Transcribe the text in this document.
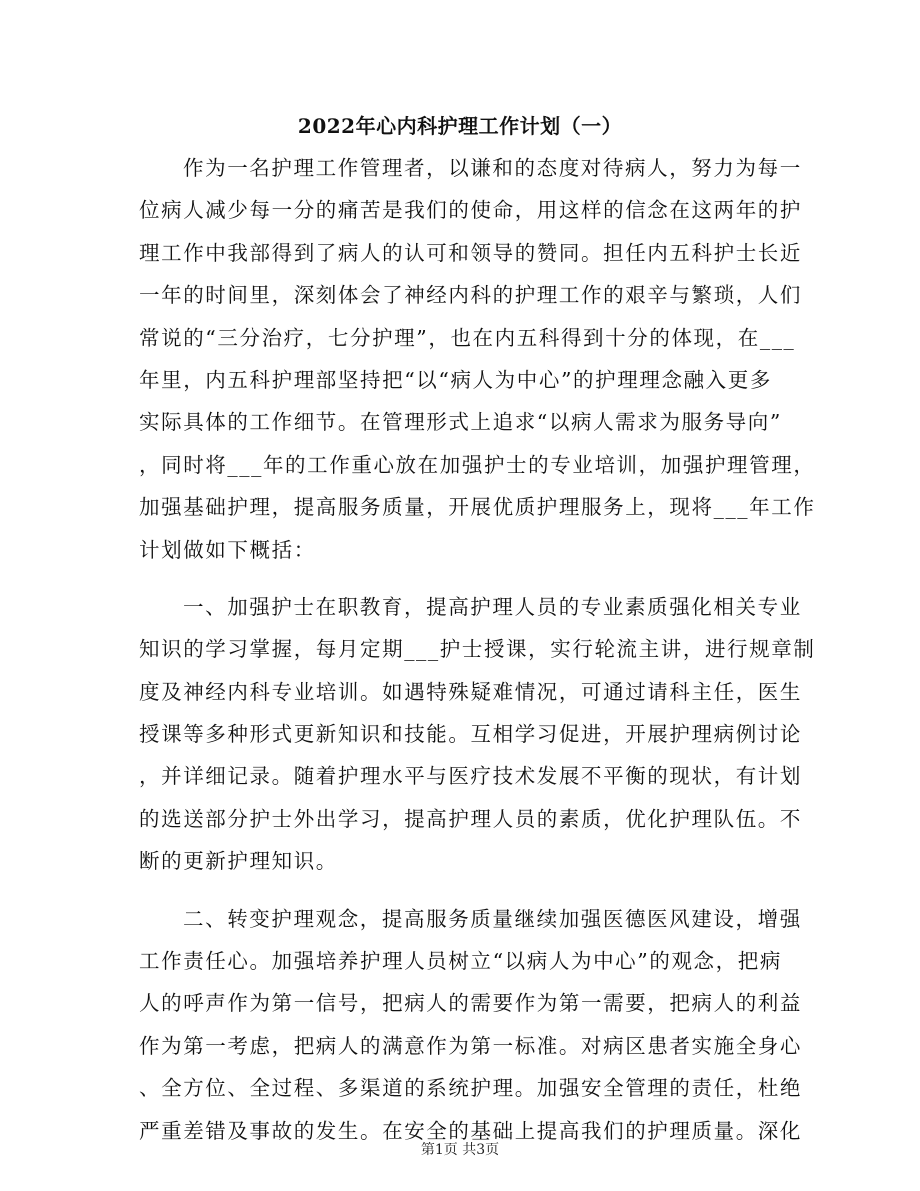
2022年心内科护理工作计划（一）
作为一名护理工作管理者，以谦和的态度对待病人，努力为每一
位病人减少每一分的痛苦是我们的使命，用这样的信念在这两年的护
理工作中我部得到了病人的认可和领导的赞同。担任内五科护士长近
一年的时间里，深刻体会了神经内科的护理工作的艰辛与繁琐，人们
常说的“三分治疗，七分护理”，也在内五科得到十分的体现，在___
年里，内五科护理部坚持把“以“病人为中心”的护理理念融入更多
实际具体的工作细节。在管理形式上追求“以病人需求为服务导向”
，同时将___年的工作重心放在加强护士的专业培训，加强护理管理，
加强基础护理，提高服务质量，开展优质护理服务上，现将___年工作
计划做如下概括：
一、加强护士在职教育，提高护理人员的专业素质强化相关专业
知识的学习掌握，每月定期___护士授课，实行轮流主讲，进行规章制
度及神经内科专业培训。如遇特殊疑难情况，可通过请科主任，医生
授课等多种形式更新知识和技能。互相学习促进，开展护理病例讨论
，并详细记录。随着护理水平与医疗技术发展不平衡的现状，有计划
的选送部分护士外出学习，提高护理人员的素质，优化护理队伍。不
断的更新护理知识。
二、转变护理观念，提高服务质量继续加强医德医风建设，增强
工作责任心。加强培养护理人员树立“以病人为中心”的观念，把病
人的呼声作为第一信号，把病人的需要作为第一需要，把病人的利益
作为第一考虑，把病人的满意作为第一标准。对病区患者实施全身心
、全方位、全过程、多渠道的系统护理。加强安全管理的责任，杜绝
严重差错及事故的发生。在安全的基础上提高我们的护理质量。深化
第1页 共3页
